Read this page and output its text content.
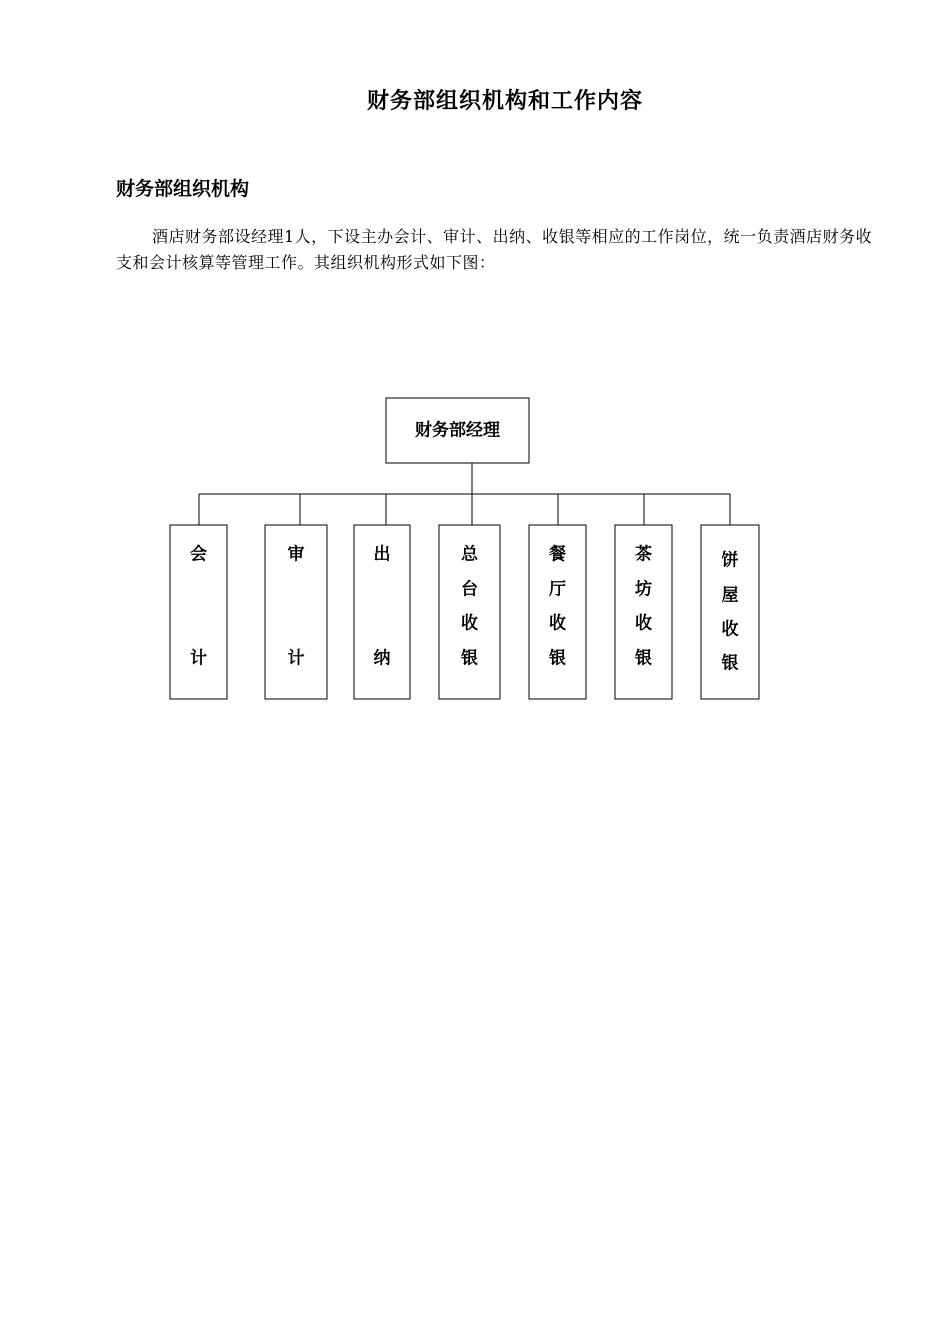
财务部组织机构和工作内容
财务部组织机构

酒店财务部设经理1人，下设主办会计、审计、出纳、收银等相应的工作岗位，统一负责酒店财务收支和会计核算等管理工作。其组织机构形式如下图：

财务部经理
会
计
审
计
出
纳
总
台
收
银
餐
厅
收
银
茶
坊
收
银
饼
屋
收
银
